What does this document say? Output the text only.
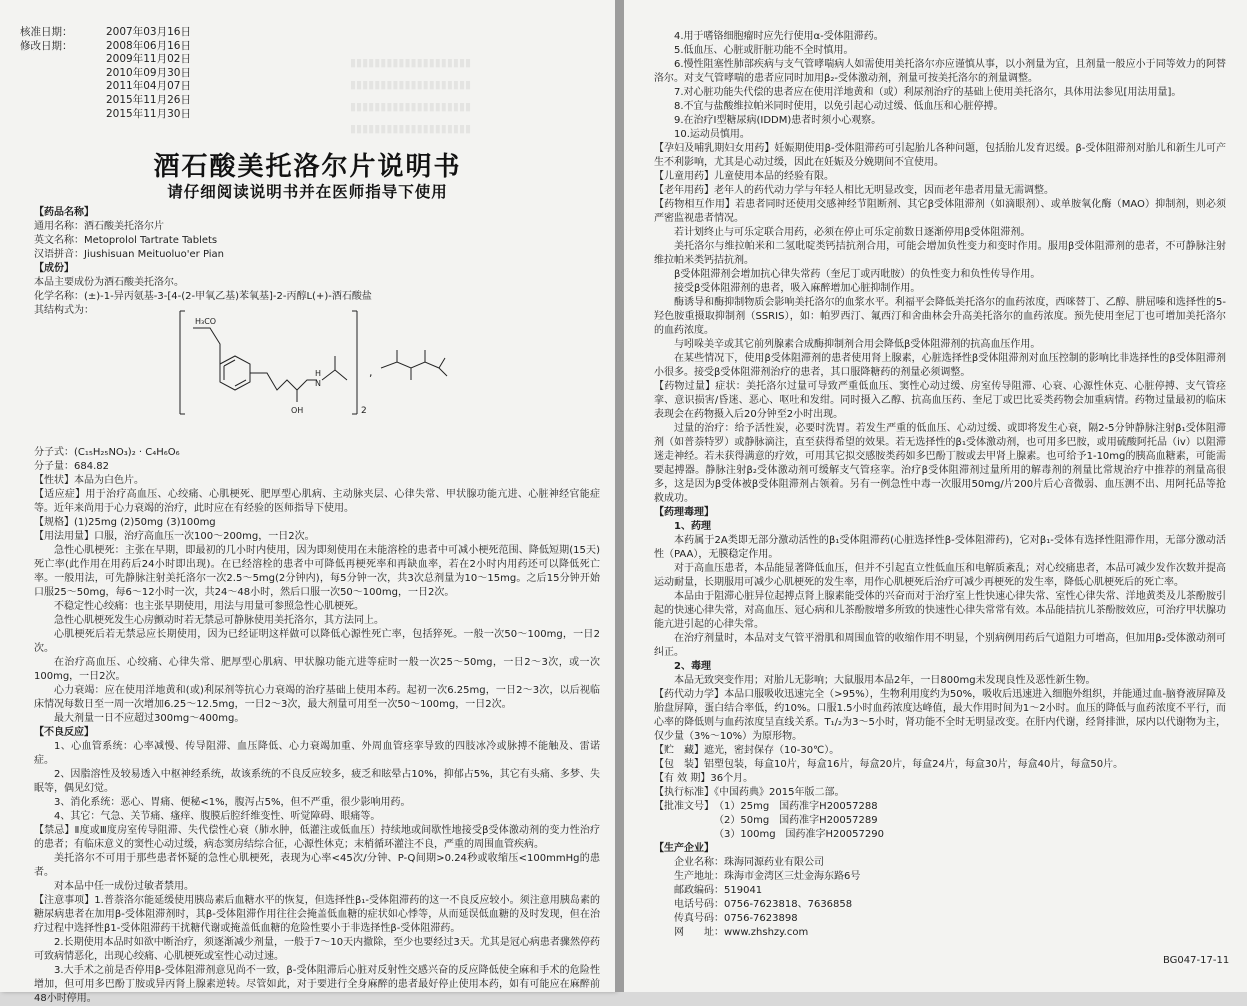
▮▮▮▮▮▮▮▮▮▮▮▮▮▮▮▮▮▮▮▮
▮▮▮▮▮▮▮▮▮▮▮▮▮▮▮▮▮▮▮▮
▮▮▮▮▮▮▮▮▮▮▮▮▮▮▮▮▮▮▮▮
▮▮▮▮▮▮▮▮▮▮▮▮▮▮▮▮▮▮▮▮
核准日期：	2007年03月16日
修改日期：	2008年06月16日
2009年11月02日
2010年09月30日
2011年04月07日
2015年11月26日
2015年11月30日
酒石酸美托洛尔片说明书
请仔细阅读说明书并在医师指导下使用

【药品名称】

通用名称：酒石酸美托洛尔片

英文名称：Metoprolol Tartrate Tablets

汉语拼音：Jiushisuan Meituoluo'er Pian

【成份】

本品主要成份为酒石酸美托洛尔。

化学名称：(±)-1-异丙氨基-3-[4-(2-甲氧乙基)苯氧基]-2-丙醇L(+)-酒石酸盐

其结构式为：

H₃CO
OH
H
N
2
,

分子式：(C₁₅H₂₅NO₃)₂ · C₄H₆O₆

分子量：684.82

【性状】本品为白色片。

【适应症】用于治疗高血压、心绞痛、心肌梗死、肥厚型心肌病、主动脉夹层、心律失常、甲状腺功能亢进、心脏神经官能症等。近年来尚用于心力衰竭的治疗，此时应在有经验的医师指导下使用。

【规格】(1)25mg (2)50mg (3)100mg

【用法用量】口服，治疗高血压一次100～200mg，一日2次。

急性心肌梗死：主张在早期，即最初的几小时内使用，因为即刻使用在未能溶栓的患者中可减小梗死范围、降低短期(15天)死亡率(此作用在用药后24小时即出现)。在已经溶栓的患者中可降低再梗死率和再缺血率，若在2小时内用药还可以降低死亡率。一般用法，可先静脉注射美托洛尔一次2.5～5mg(2分钟内)，每5分钟一次，共3次总剂量为10～15mg。之后15分钟开始口服25～50mg，每6～12小时一次，共24～48小时，然后口服一次50～100mg，一日2次。

不稳定性心绞痛：也主张早期使用，用法与用量可参照急性心肌梗死。

急性心肌梗死发生心房颤动时若无禁忌可静脉使用美托洛尔，其方法同上。

心肌梗死后若无禁忌应长期使用，因为已经证明这样做可以降低心源性死亡率，包括猝死。一般一次50～100mg，一日2次。

在治疗高血压、心绞痛、心律失常、肥厚型心肌病、甲状腺功能亢进等症时一般一次25～50mg，一日2～3次，或一次100mg，一日2次。

心力衰竭：应在使用洋地黄和(或)利尿剂等抗心力衰竭的治疗基础上使用本药。起初一次6.25mg，一日2～3次，以后视临床情况每数日至一周一次增加6.25～12.5mg，一日2～3次，最大剂量可用至一次50～100mg，一日2次。

最大剂量一日不应超过300mg～400mg。

【不良反应】

1、心血管系统：心率减慢、传导阻滞、血压降低、心力衰竭加重、外周血管痉挛导致的四肢冰冷或脉搏不能触及、雷诺症。

2、因脂溶性及较易透入中枢神经系统，故该系统的不良反应较多，疲乏和眩晕占10%，抑郁占5%，其它有头痛、多梦、失眠等，偶见幻觉。

3、消化系统：恶心、胃痛、便秘<1%，腹泻占5%，但不严重，很少影响用药。

4、其它：气急、关节痛、瘙痒、腹膜后腔纤维变性、听觉障碍、眼痛等。

【禁忌】Ⅱ度或Ⅲ度房室传导阻滞、失代偿性心衰（肺水肿，低灌注或低血压）持续地或间歇性地接受β受体激动剂的变力性治疗的患者；有临床意义的窦性心动过缓，病态窦房结综合征，心源性休克；末梢循环灌注不良，严重的周围血管疾病。

美托洛尔不可用于那些患者怀疑的急性心肌梗死，表现为心率<45次/分钟、P-Q间期>0.24秒或收缩压<100mmHg的患者。

对本品中任一成份过敏者禁用。

【注意事项】1.普萘洛尔能延缓使用胰岛素后血糖水平的恢复，但选择性β₁-受体阻滞药的这一不良反应较小。须注意用胰岛素的糖尿病患者在加用β-受体阻滞剂时，其β-受体阻滞作用往往会掩盖低血糖的症状如心悸等，从而延误低血糖的及时发现，但在治疗过程中选择性β1-受体阻滞药干扰糖代谢或掩盖低血糖的危险性要小于非选择性β-受体阻滞药。

2.长期使用本品时如欲中断治疗，须逐渐减少剂量，一般于7～10天内撤除，至少也要经过3天。尤其是冠心病患者骤然停药可致病情恶化，出现心绞痛、心肌梗死或室性心动过速。

3.大手术之前是否停用β-受体阻滞剂意见尚不一致，β-受体阻滞后心脏对反射性交感兴奋的反应降低使全麻和手术的危险性增加，但可用多巴酚丁胺或异丙肾上腺素逆转。尽管如此，对于要进行全身麻醉的患者最好停止使用本药，如有可能应在麻醉前48小时停用。

4.用于嗜铬细胞瘤时应先行使用α-受体阻滞药。

5.低血压、心脏或肝脏功能不全时慎用。

6.慢性阻塞性肺部疾病与支气管哮喘病人如需使用美托洛尔亦应谨慎从事，以小剂量为宜，且剂量一般应小于同等效力的阿替洛尔。对支气管哮喘的患者应同时加用β₂-受体激动剂，剂量可按美托洛尔的剂量调整。

7.对心脏功能失代偿的患者应在使用洋地黄和（或）利尿剂治疗的基础上使用美托洛尔，具体用法参见[用法用量]。

8.不宜与盐酸维拉帕米同时使用，以免引起心动过缓、低血压和心脏停搏。

9.在治疗Ⅰ型糖尿病(IDDM)患者时须小心观察。

10.运动员慎用。

【孕妇及哺乳期妇女用药】妊娠期使用β-受体阻滞药可引起胎儿各种问题，包括胎儿发育迟缓。β-受体阻滞剂对胎儿和新生儿可产生不利影响，尤其是心动过缓，因此在妊娠及分娩期间不宜使用。

【儿童用药】儿童使用本品的经验有限。

【老年用药】老年人的药代动力学与年轻人相比无明显改变，因而老年患者用量无需调整。

【药物相互作用】若患者同时还使用交感神经节阻断剂、其它β受体阻滞剂（如滴眼剂）、或单胺氧化酶（MAO）抑制剂，则必须严密监视患者情况。

若计划终止与可乐定联合用药，必须在停止可乐定前数日逐渐停用β受体阻滞剂。

美托洛尔与维拉帕米和二氢吡啶类钙拮抗剂合用，可能会增加负性变力和变时作用。服用β受体阻滞剂的患者，不可静脉注射维拉帕米类钙拮抗剂。

β受体阻滞剂会增加抗心律失常药（奎尼丁或丙吡胺）的负性变力和负性传导作用。

接受β受体阻滞剂的患者，吸入麻醉增加心脏抑制作用。

酶诱导和酶抑制物质会影响美托洛尔的血浆水平。利福平会降低美托洛尔的血药浓度，西咪替丁、乙醇、肼屈嗪和选择性的5-羟色胺重摄取抑制剂（SSRIS），如：帕罗西汀、氟西汀和舍曲林会升高美托洛尔的血药浓度。预先使用奎尼丁也可增加美托洛尔的血药浓度。

与吲哚美辛或其它前列腺素合成酶抑制剂合用会降低β受体阻滞剂的抗高血压作用。

在某些情况下，使用β受体阻滞剂的患者使用肾上腺素，心脏选择性β受体阻滞剂对血压控制的影响比非选择性的β受体阻滞剂小很多。接受β受体阻滞剂治疗的患者，其口服降糖药的剂量必须调整。

【药物过量】症状：美托洛尔过量可导致严重低血压、窦性心动过缓、房室传导阻滞、心衰、心源性休克、心脏停搏、支气管痉挛、意识损害/昏迷、恶心、呕吐和发绀。同时摄入乙醇、抗高血压药、奎尼丁或巴比妥类药物会加重病情。药物过量最初的临床表现会在药物摄入后20分钟至2小时出现。

过量的治疗：给予活性炭，必要时洗胃。若发生严重的低血压、心动过缓、或即将发生心衰，隔2-5分钟静脉注射β₁受体阻滞剂（如普萘特罗）或静脉滴注，直至获得希望的效果。若无选择性的β₁受体激动剂，也可用多巴胺，或用硫酸阿托品（iv）以阻滞迷走神经。若未获得满意的疗效，可用其它拟交感胺类药如多巴酚丁胺或去甲肾上腺素。也可给予1-10mg的胰高血糖素，可能需要起搏器。静脉注射β₂受体激动剂可缓解支气管痉挛。治疗β受体阻滞剂过量所用的解毒剂的剂量比常规治疗中推荐的剂量高很多，这是因为β受体被β受体阻滞剂占领着。另有一例急性中毒一次服用50mg/片200片后心音微弱、血压测不出、用阿托品等抢救成功。

【药理毒理】

1、药理

本药属于2A类即无部分激动活性的β₁受体阻滞药(心脏选择性β-受体阻滞药)，它对β₁-受体有选择性阻滞作用，无部分激动活性（PAA），无膜稳定作用。

对于高血压患者，本品能显著降低血压，但并不引起直立性低血压和电解质紊乱；对心绞痛患者，本品可减少发作次数并提高运动耐量，长期服用可减少心肌梗死的发生率，用作心肌梗死后治疗可减少再梗死的发生率，降低心肌梗死后的死亡率。

本品由于阻滞心脏异位起搏点肾上腺素能受体的兴奋而对于治疗室上性快速心律失常、室性心律失常、洋地黄类及儿茶酚胺引起的快速心律失常，对高血压、冠心病和儿茶酚胺增多所致的快速性心律失常常有效。本品能拮抗儿茶酚胺效应，可治疗甲状腺功能亢进引起的心律失常。

在治疗剂量时，本品对支气管平滑肌和周围血管的收缩作用不明显，个别病例用药后气道阻力可增高，但加用β₂受体激动剂可纠正。

2、毒理

本品无致突变作用；对胎儿无影响；大鼠服用本品2年，一日800mg未发现良性及恶性新生物。

【药代动力学】本品口服吸收迅速完全（>95%），生物利用度约为50%，吸收后迅速进入细胞外组织，并能通过血-脑脊液屏障及胎盘屏障，蛋白结合率低，约10%。口服1.5小时血药浓度达峰值，最大作用时间为1～2小时。血压的降低与血药浓度不平行，而心率的降低则与血药浓度呈直线关系。T₁/₂为3～5小时，肾功能不全时无明显改变。在肝内代谢，经肾排泄，尿内以代谢物为主，仅少量（3%～10%）为原形物。

【贮　藏】遮光，密封保存（10-30℃）。

【包　装】铝塑包装，每盒10片，每盒16片，每盒20片，每盒24片，每盒30片，每盒40片，每盒50片。

【有 效 期】36个月。

【执行标准】《中国药典》2015年版二部。

【批准文号】 （1）25mg　国药准字H20057288

（2）50mg　国药准字H20057289

（3）100mg　国药准字H20057290

【生产企业】

企业名称：珠海同源药业有限公司

生产地址：珠海市金湾区三灶金海东路6号

邮政编码：519041

电话号码：0756-7623818、7636858

传真号码：0756-7623898

网　　址：www.zhshzy.com

BG047-17-11
